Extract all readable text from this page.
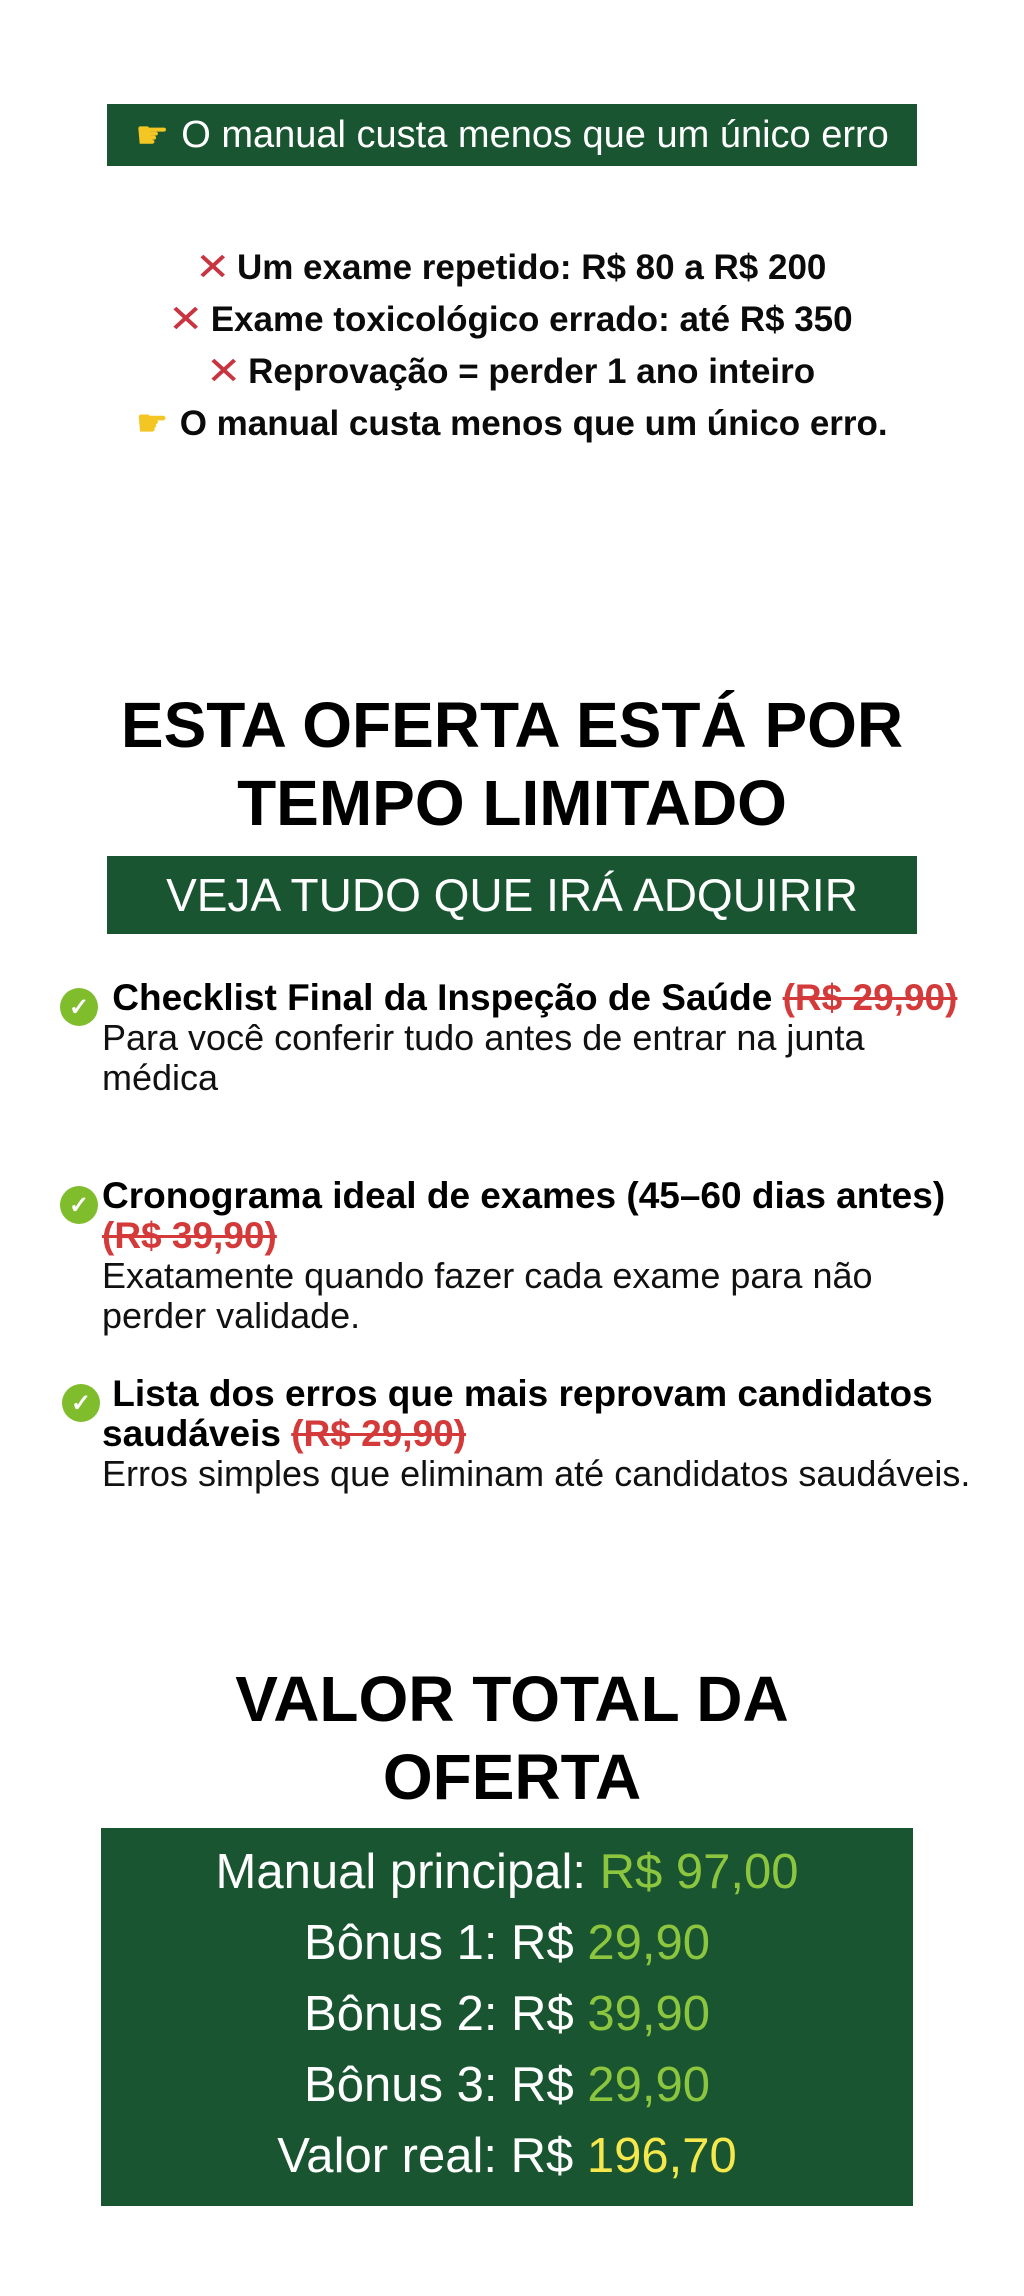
☛ O manual custa menos que um único erro
✕ Um exame repetido: R$ 80 a R$ 200
✕ Exame toxicológico errado: até R$ 350
✕ Reprovação = perder 1 ano inteiro
☛ O manual custa menos que um único erro.
ESTA OFERTA ESTÁ POR
TEMPO LIMITADO
VEJA TUDO QUE IRÁ ADQUIRIR
✓ Checklist Final da Inspeção de Saúde (R$ 29,90)
Para você conferir tudo antes de entrar na junta médica
✓ Cronograma ideal de exames (45–60 dias antes) (R$ 39,90)
Exatamente quando fazer cada exame para não perder validade.
✓ Lista dos erros que mais reprovam candidatos saudáveis (R$ 29,90)
Erros simples que eliminam até candidatos saudáveis.
VALOR TOTAL DA
OFERTA
Manual principal: R$ 97,00
Bônus 1: R$ 29,90
Bônus 2: R$ 39,90
Bônus 3: R$ 29,90
Valor real: R$ 196,70
